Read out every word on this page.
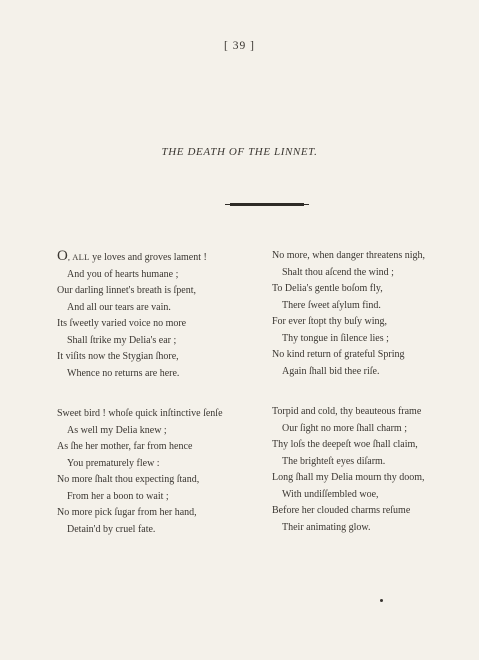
[ 39 ]
THE DEATH OF THE LINNET.
O, ALL ye loves and groves lament !
And you of hearts humane ;
Our darling linnet's breath is ſpent,
And all our tears are vain.
Its ſweetly varied voice no more
Shall ſtrike my Delia's ear ;
It viſits now the Stygian ſhore,
Whence no returns are here.
Sweet bird ! whoſe quick inſtinctive ſenſe
As well my Delia knew ;
As ſhe her mother, far from hence
You prematurely flew :
No more ſhalt thou expecting ſtand,
From her a boon to wait ;
No more pick ſugar from her hand,
Detain'd by cruel fate.
No more, when danger threatens nigh,
Shalt thou aſcend the wind ;
To Delia's gentle boſom fly,
There ſweet aſylum find.
For ever ſtopt thy buſy wing,
Thy tongue in ſilence lies ;
No kind return of grateful Spring
Again ſhall bid thee riſe.
Torpid and cold, thy beauteous frame
Our ſight no more ſhall charm ;
Thy loſs the deepeſt woe ſhall claim,
The brighteſt eyes diſarm.
Long ſhall my Delia mourn thy doom,
With undiſſembled woe,
Before her clouded charms reſume
Their animating glow.
